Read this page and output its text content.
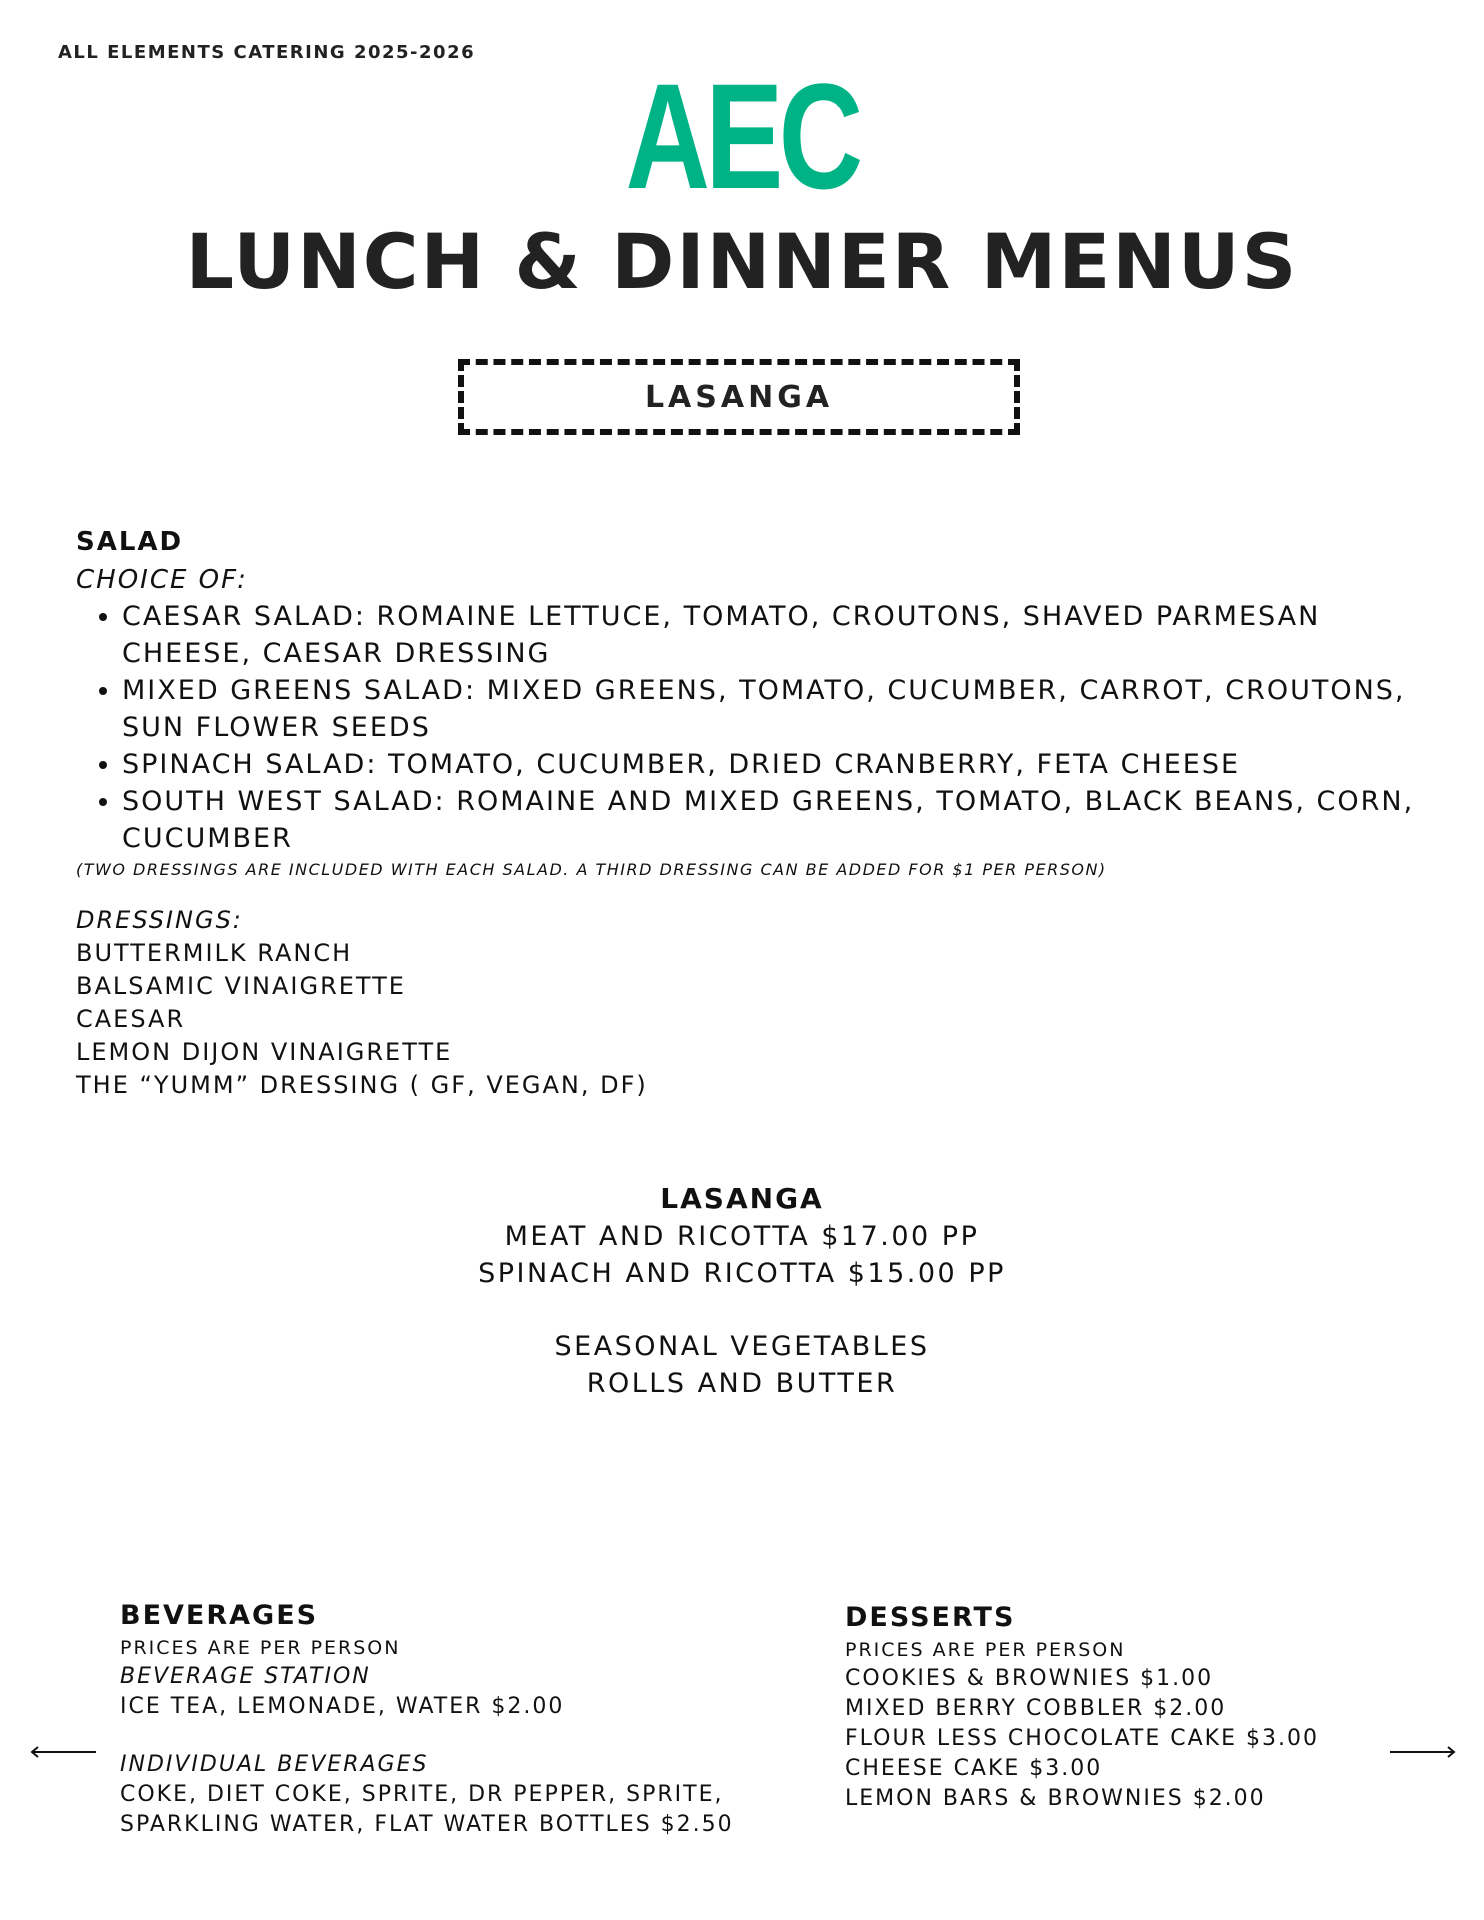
ALL ELEMENTS CATERING 2025-2026	AEC
LUNCH & DINNER MENUS
LASANGA
SALAD
CHOICE OF:
• CAESAR SALAD: ROMAINE LETTUCE, TOMATO, CROUTONS, SHAVED PARMESAN CHEESE, CAESAR DRESSING
• MIXED GREENS SALAD: MIXED GREENS, TOMATO, CUCUMBER, CARROT, CROUTONS, SUN FLOWER SEEDS
• SPINACH SALAD: TOMATO, CUCUMBER, DRIED CRANBERRY, FETA CHEESE
• SOUTH WEST SALAD: ROMAINE AND MIXED GREENS, TOMATO, BLACK BEANS, CORN, CUCUMBER
(TWO DRESSINGS ARE INCLUDED WITH EACH SALAD. A THIRD DRESSING CAN BE ADDED FOR $1 PER PERSON)
DRESSINGS:
BUTTERMILK RANCH
BALSAMIC VINAIGRETTE
CAESAR
LEMON DIJON VINAIGRETTE
THE “YUMM” DRESSING ( GF, VEGAN, DF)
LASANGA
MEAT AND RICOTTA $17.00 PP
SPINACH AND RICOTTA $15.00 PP
SEASONAL VEGETABLES
ROLLS AND BUTTER
BEVERAGES
PRICES ARE PER PERSON
BEVERAGE STATION
ICE TEA, LEMONADE, WATER $2.00
INDIVIDUAL BEVERAGES
COKE, DIET COKE, SPRITE, DR PEPPER, SPRITE,
SPARKLING WATER, FLAT WATER BOTTLES $2.50
DESSERTS
PRICES ARE PER PERSON
COOKIES & BROWNIES $1.00
MIXED BERRY COBBLER $2.00
FLOUR LESS CHOCOLATE CAKE $3.00
CHEESE CAKE $3.00
LEMON BARS & BROWNIES $2.00
